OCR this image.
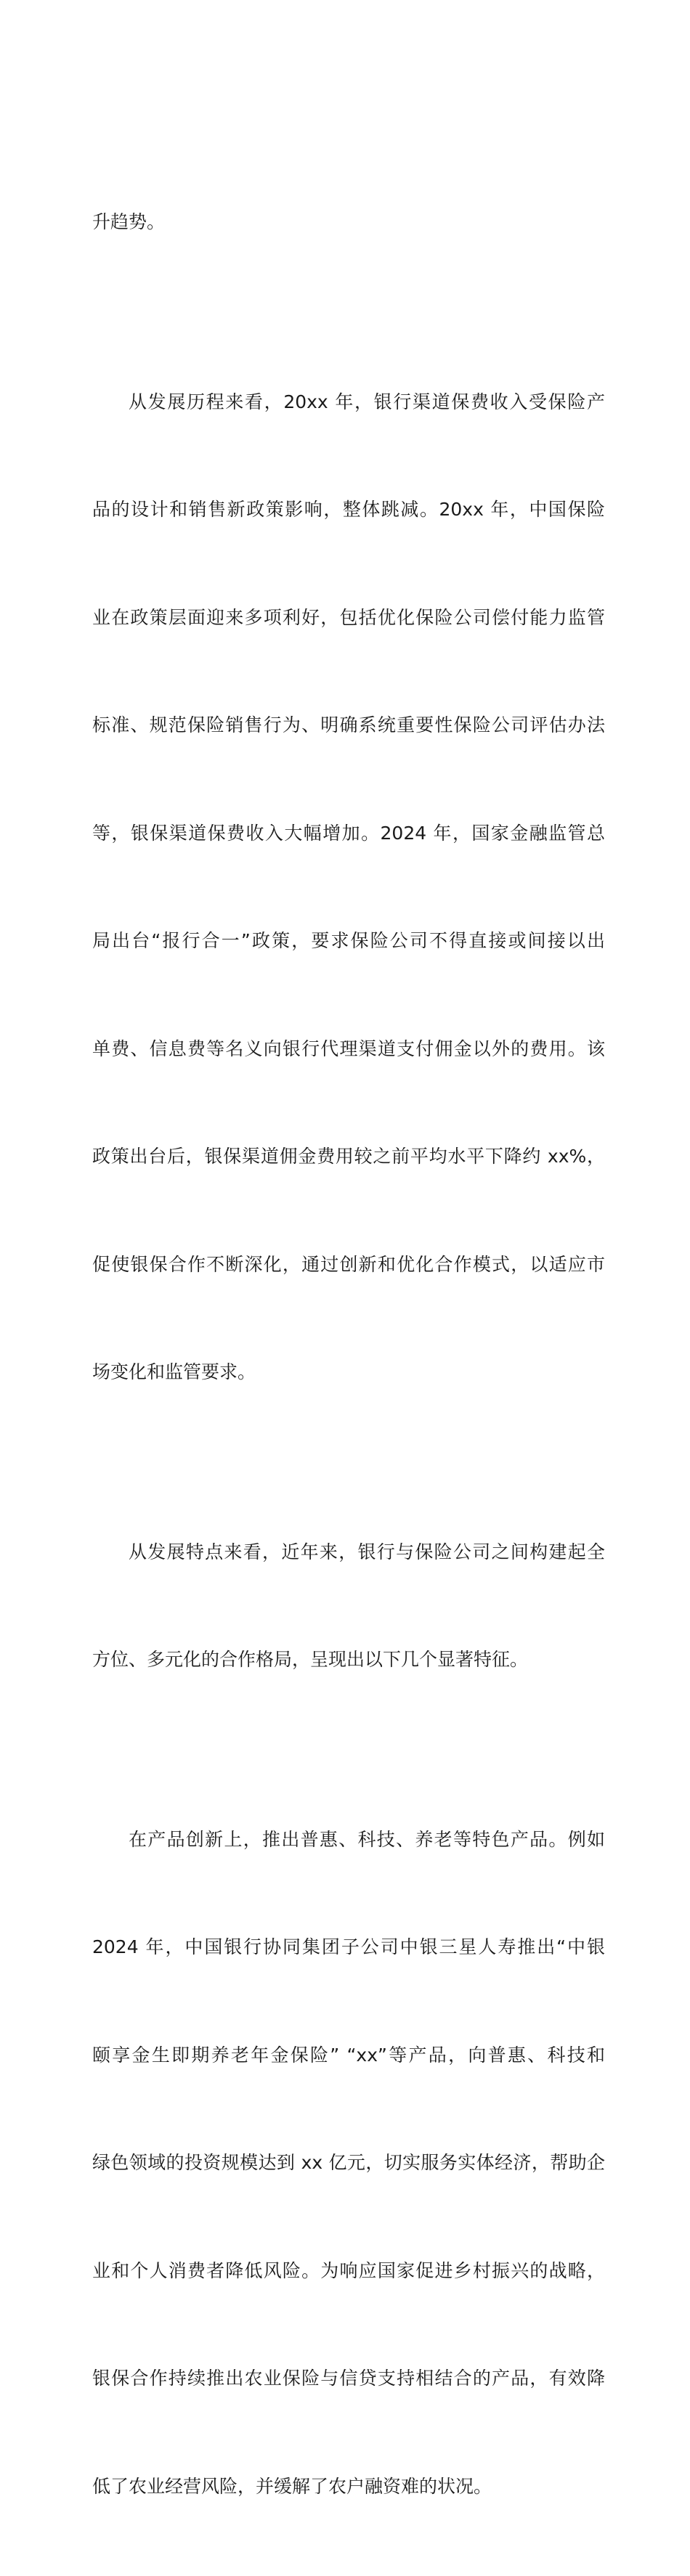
升趋势。

从发展历程来看，20xx 年，银行渠道保费收入受保险产

品的设计和销售新政策影响，整体跳减。20xx 年，中国保险

业在政策层面迎来多项利好，包括优化保险公司偿付能力监管

标准、规范保险销售行为、明确系统重要性保险公司评估办法

等，银保渠道保费收入大幅增加。2024 年，国家金融监管总

局出台“报行合一”政策，要求保险公司不得直接或间接以出

单费、信息费等名义向银行代理渠道支付佣金以外的费用。该

政策出台后，银保渠道佣金费用较之前平均水平下降约 xx%，

促使银保合作不断深化，通过创新和优化合作模式，以适应市

场变化和监管要求。

从发展特点来看，近年来，银行与保险公司之间构建起全

方位、多元化的合作格局，呈现出以下几个显著特征。

在产品创新上，推出普惠、科技、养老等特色产品。例如

2024 年，中国银行协同集团子公司中银三星人寿推出“中银

颐享金生即期养老年金保险” “xx”等产品，向普惠、科技和

绿色领域的投资规模达到 xx 亿元，切实服务实体经济，帮助企

业和个人消费者降低风险。为响应国家促进乡村振兴的战略，

银保合作持续推出农业保险与信贷支持相结合的产品，有效降

低了农业经营风险，并缓解了农户融资难的状况。
